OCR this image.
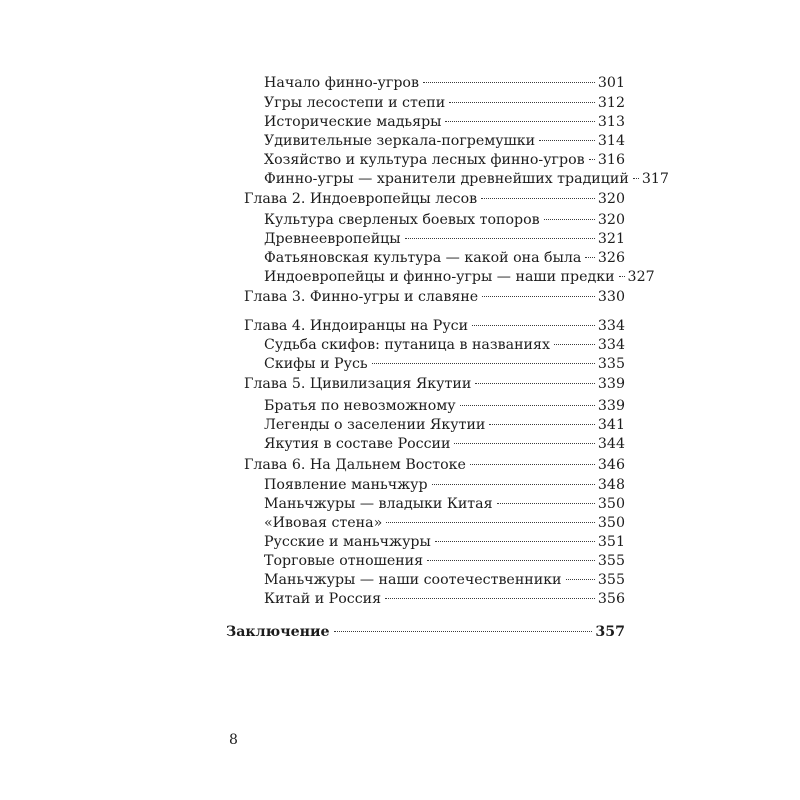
Начало финно-угров	301
Угры лесостепи и степи	312
Исторические мадьяры	313
Удивительные зеркала-погремушки	314
Хозяйство и культура лесных финно-угров 316
Финно-угры — хранители древнейших традиций 317
Глава 2. Индоевропейцы лесов	320
Культура сверленых боевых топоров	320
Древнеевропейцы	321
Фатьяновская культура — какой она была 326
Индоевропейцы и финно-угры — наши предки 327
Глава 3. Финно-угры и славяне	330
Глава 4. Индоиранцы на Руси	334
Судьба скифов: путаница в названиях	334
Скифы и Русь	335
Глава 5. Цивилизация Якутии	339
Братья по невозможному	339
Легенды о заселении Якутии	341
Якутия в составе России	344
Глава 6. На Дальнем Востоке	346
Появление маньчжур	348
Маньчжуры — владыки Китая	350
«Ивовая стена»	350
Русские и маньчжуры	351
Торговые отношения	355
Маньчжуры — наши соотечественники	355
Китай и Россия	356
Заключение	357
8
